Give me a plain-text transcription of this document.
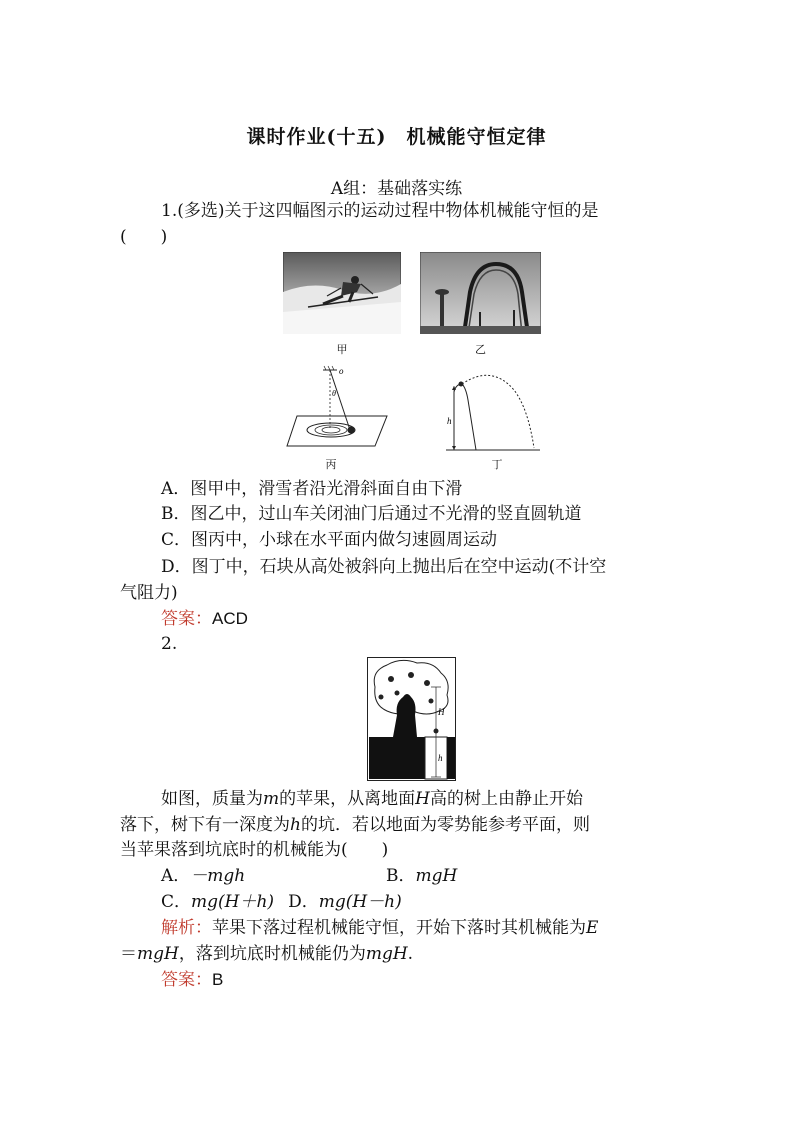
课时作业(十五)　机械能守恒定律
A组：基础落实练
1.(多选)关于这四幅图示的运动过程中物体机械能守恒的是
(　　)
甲	乙
o
θ
丙
h
丁
A．图甲中，滑雪者沿光滑斜面自由下滑
B．图乙中，过山车关闭油门后通过不光滑的竖直圆轨道
C．图丙中，小球在水平面内做匀速圆周运动
D．图丁中，石块从高处被斜向上抛出后在空中运动(不计空
气阻力)
答案：ACD
2.
H
h
如图，质量为m的苹果，从离地面H高的树上由静止开始
落下，树下有一深度为h的坑．若以地面为零势能参考平面，则
当苹果落到坑底时的机械能为(　　)
A．－mgh	B．mgH
C．mg(H＋h) D．mg(H－h)
解析：苹果下落过程机械能守恒，开始下落时其机械能为E
＝mgH，落到坑底时机械能仍为mgH.
答案：B
